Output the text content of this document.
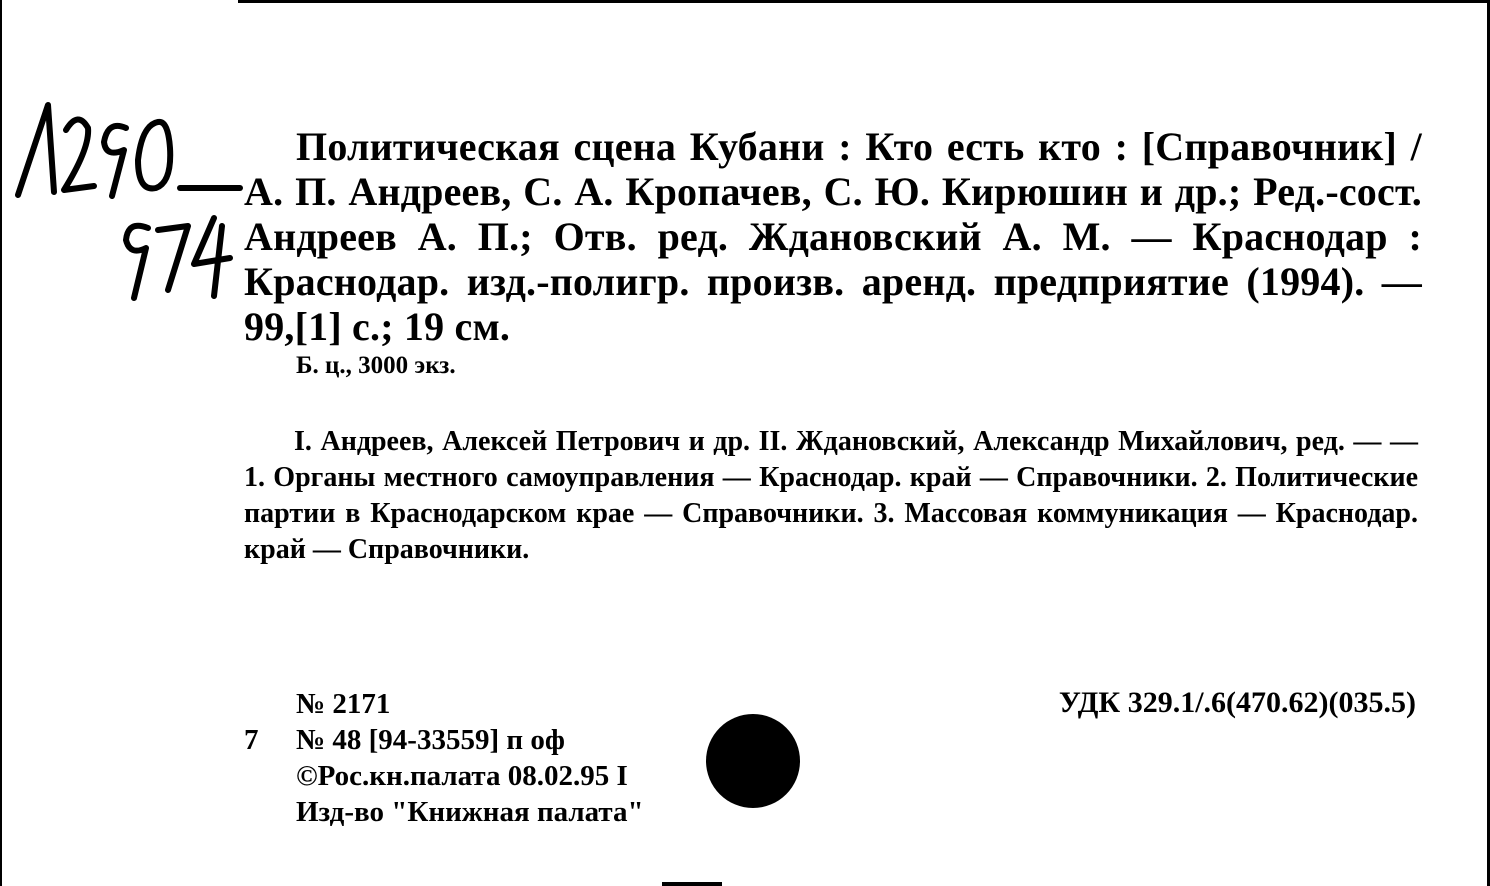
Политическая сцена Кубани : Кто есть кто : [Справочник] / А. П. Андреев, С. А. Кропачев, С. Ю. Кирюшин и др.; Ред.-сост. Андреев А. П.; Отв. ред. Ждановский А. М. — Краснодар : Краснодар. изд.-полигр. произв. аренд. предприятие (1994). — 99,[1] с.; 19 см.
Б. ц., 3000 экз.
I. Андреев, Алексей Петрович и др. II. Ждановский, Александр Михайлович, ред. — — 1. Органы местного самоуправления — Краснодар. край — Справочники. 2. Политические партии в Краснодарском крае — Справочники. 3. Массовая коммуникация — Краснодар. край — Справочники.
№ 2171
7 № 48 [94-33559] п оф
©Рос.кн.палата 08.02.95 I
Изд-во "Книжная палата"
УДК 329.1/.6(470.62)(035.5)
